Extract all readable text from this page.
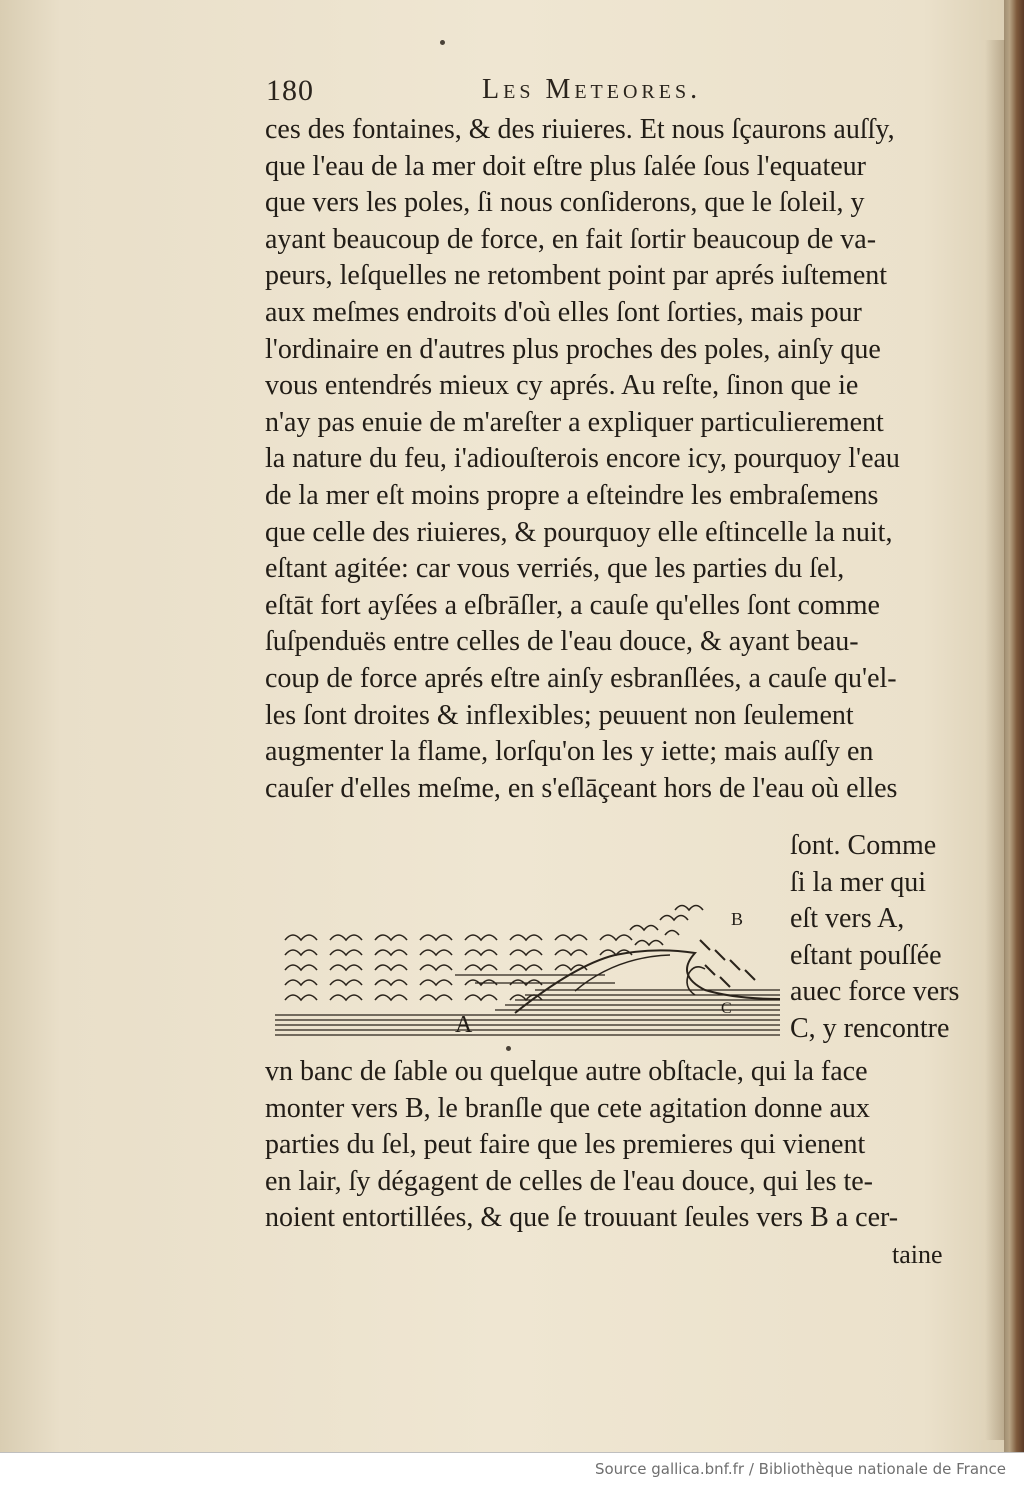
180	Les Meteores.
ces des fontaines, & des riuieres. Et nous ſçaurons auſſy,
que l'eau de la mer doit eſtre plus ſalée ſous l'equateur
que vers les poles, ſi nous conſiderons, que le ſoleil, y
ayant beaucoup de force, en fait ſortir beaucoup de va-
peurs, leſquelles ne retombent point par aprés iuſtement
aux meſmes endroits d'où elles ſont ſorties, mais pour
l'ordinaire en d'autres plus proches des poles, ainſy que
vous entendrés mieux cy aprés. Au reſte, ſinon que ie
n'ay pas enuie de m'areſter a expliquer particulierement
la nature du feu, i'adiouſterois encore icy, pourquoy l'eau
de la mer eſt moins propre a eſteindre les embraſemens
que celle des riuieres, & pourquoy elle eſtincelle la nuit,
eſtant agitée: car vous verriés, que les parties du ſel,
eſtāt fort ayſées a eſbrāſler, a cauſe qu'elles ſont comme
ſuſpenduës entre celles de l'eau douce, & ayant beau-
coup de force aprés eſtre ainſy esbranſlées, a cauſe qu'el-
les ſont droites & inflexibles; peuuent non ſeulement
augmenter la flame, lorſqu'on les y iette; mais auſſy en
cauſer d'elles meſme, en s'eſlāçeant hors de l'eau où elles
ſont. Comme
ſi la mer qui
eſt vers A,
eſtant pouſſée
auec force vers
C, y rencontre
A
B
C
vn banc de ſable ou quelque autre obſtacle, qui la face
monter vers B, le branſle que cete agitation donne aux
parties du ſel, peut faire que les premieres qui vienent
en lair, ſy dégagent de celles de l'eau douce, qui les te-
noient entortillées, & que ſe trouuant ſeules vers B a cer-
taine
Source gallica.bnf.fr / Bibliothèque nationale de France
